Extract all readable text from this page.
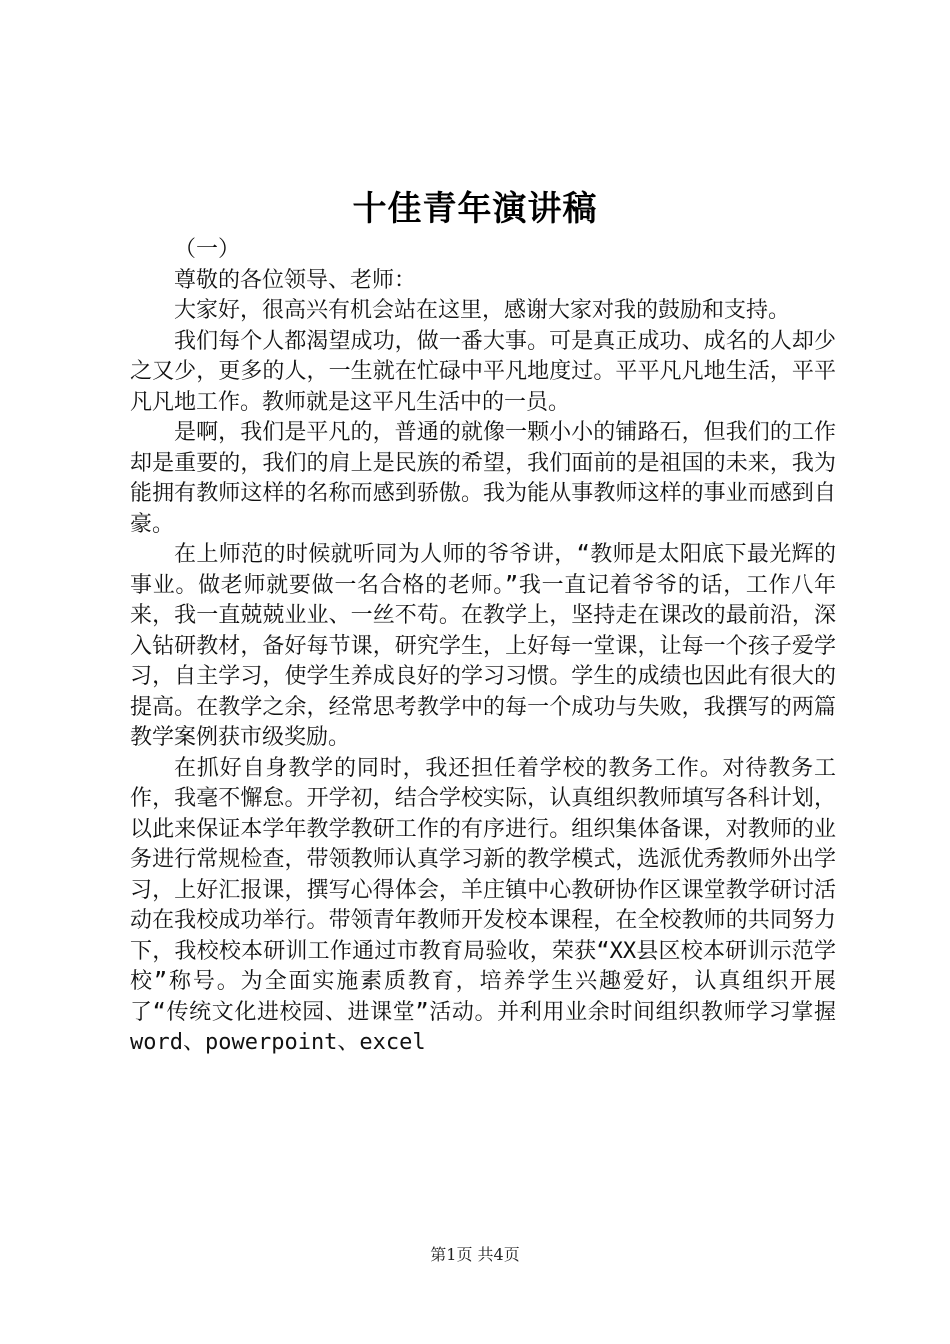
十佳青年演讲稿

（一）

尊敬的各位领导、老师：

大家好，很高兴有机会站在这里，感谢大家对我的鼓励和支持。

我们每个人都渴望成功，做一番大事。可是真正成功、成名的人却少之又少，更多的人，一生就在忙碌中平凡地度过。平平凡凡地生活，平平凡凡地工作。教师就是这平凡生活中的一员。

是啊，我们是平凡的，普通的就像一颗小小的铺路石，但我们的工作却是重要的，我们的肩上是民族的希望，我们面前的是祖国的未来，我为能拥有教师这样的名称而感到骄傲。我为能从事教师这样的事业而感到自豪。

在上师范的时候就听同为人师的爷爷讲，“教师是太阳底下最光辉的事业。做老师就要做一名合格的老师。”我一直记着爷爷的话，工作八年来，我一直兢兢业业、一丝不苟。在教学上，坚持走在课改的最前沿，深入钻研教材，备好每节课，研究学生，上好每一堂课，让每一个孩子爱学习，自主学习，使学生养成良好的学习习惯。学生的成绩也因此有很大的提高。在教学之余，经常思考教学中的每一个成功与失败，我撰写的两篇教学案例获市级奖励。

在抓好自身教学的同时，我还担任着学校的教务工作。对待教务工作，我毫不懈怠。开学初，结合学校实际，认真组织教师填写各科计划，以此来保证本学年教学教研工作的有序进行。组织集体备课，对教师的业务进行常规检查，带领教师认真学习新的教学模式，选派优秀教师外出学习，上好汇报课，撰写心得体会，羊庄镇中心教研协作区课堂教学研讨活动在我校成功举行。带领青年教师开发校本课程，在全校教师的共同努力下，我校校本研训工作通过市教育局验收，荣获“XX县区校本研训示范学校”称号。为全面实施素质教育，培养学生兴趣爱好，认真组织开展了“传统文化进校园、进课堂”活动。并利用业余时间组织教师学习掌握word、powerpoint、excel

第1页 共4页
